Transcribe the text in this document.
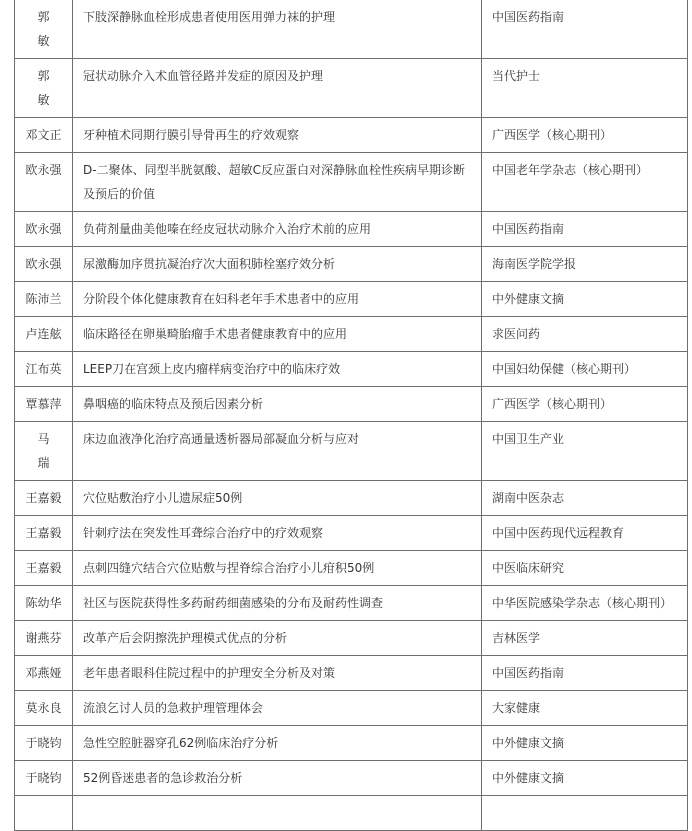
郭
敏	下肢深静脉血栓形成患者使用医用弹力袜的护理	中国医药指南

郭
敏	冠状动脉介入术血管径路并发症的原因及护理	当代护士
邓文正	牙种植术同期行膜引导骨再生的疗效观察	广西医学（核心期刊）
欧永强	D-二聚体、同型半胱氨酸、超敏C反应蛋白对深静脉血栓性疾病早期诊断及预后的价值	中国老年学杂志（核心期刊）
欧永强	负荷剂量曲美他嗪在经皮冠状动脉介入治疗术前的应用	中国医药指南
欧永强	尿激酶加序贯抗凝治疗次大面积肺栓塞疗效分析	海南医学院学报
陈沛兰	分阶段个体化健康教育在妇科老年手术患者中的应用	中外健康文摘
卢连舷	临床路径在卵巢畸胎瘤手术患者健康教育中的应用	求医问药
江布英	LEEP刀在宫颈上皮内瘤样病变治疗中的临床疗效	中国妇幼保健（核心期刊）
覃慕萍	鼻咽癌的临床特点及预后因素分析	广西医学（核心期刊）

马
瑞	床边血液净化治疗高通量透析器局部凝血分析与应对	中国卫生产业
王嘉毅	穴位贴敷治疗小儿遗尿症50例	湖南中医杂志
王嘉毅	针刺疗法在突发性耳聋综合治疗中的疗效观察	中国中医药现代远程教育
王嘉毅	点刺四缝穴结合穴位贴敷与捏脊综合治疗小儿疳积50例	中医临床研究
陈幼华	社区与医院获得性多药耐药细菌感染的分布及耐药性调查	中华医院感染学杂志（核心期刊）
谢燕芬	改革产后会阴擦洗护理模式优点的分析	吉林医学
邓燕娅	老年患者眼科住院过程中的护理安全分析及对策	中国医药指南
莫永良	流浪乞讨人员的急救护理管理体会	大家健康
于晓钧	急性空腔脏器穿孔62例临床治疗分析	中外健康文摘
于晓钧	52例昏迷患者的急诊救治分析	中外健康文摘
